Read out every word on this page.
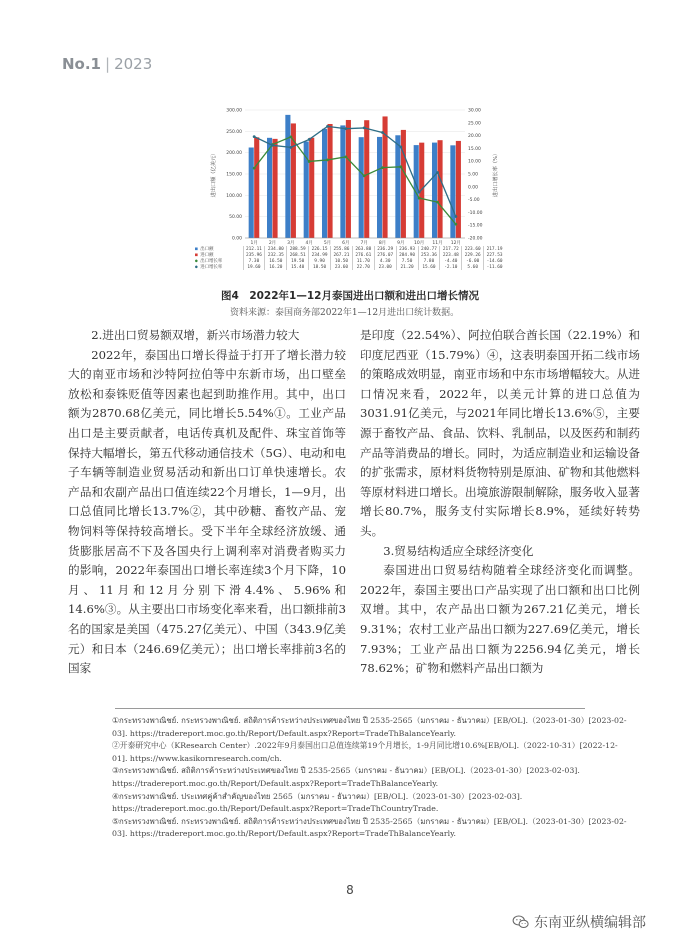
No.1 | 2023
0.00
50.00
100.00
150.00
200.00
250.00
300.00
-20.00
-15.00
-10.00
-5.00
0.00
5.00
10.00
15.00
20.00
25.00
30.00
进出口额（亿美元）	进出口增长率（%）
1月 2月 3月 4月 5月 6月 7月 8月 9月 10月 11月 12月
■ 出口额	212.11	234.80	288.59	226.15	255.86	263.88	236.29	236.93	240.77	217.72	223.60	217.19
■ 进口额	235.96	232.35	268.51	234.99	267.21	276.61	276.07	284.90	253.36	223.48	229.26	227.53
● 出口增长率	7.30	16.50	19.50	9.90	10.50	11.70	4.30	7.50	7.80	-4.40	-6.00	-14.60
● 进口增长率	19.60	16.20	15.40	18.50	23.60	22.70	23.00	21.20	15.60	-2.10	5.60	-11.60
图4　2022年1—12月泰国进出口额和进出口增长情况
资料来源：泰国商务部2022年1—12月进出口统计数据。

2.进出口贸易额双增，新兴市场潜力较大

2022年，泰国出口增长得益于打开了增长潜力较大的南亚市场和沙特阿拉伯等中东新市场，出口壁垒放松和泰铢贬值等因素也起到助推作用。其中，出口额为2870.68亿美元，同比增长5.54%①。工业产品出口是主要贡献者，电话传真机及配件、珠宝首饰等保持大幅增长，第五代移动通信技术（5G）、电动和电子车辆等制造业贸易活动和新出口订单快速增长。农产品和农副产品出口值连续22个月增长，1—9月，出口总值同比增长13.7%②，其中砂糖、畜牧产品、宠物饲料等保持较高增长。受下半年全球经济放缓、通货膨胀居高不下及各国央行上调利率对消费者购买力的影响，2022年泰国出口增长率连续3个月下降，10月、11月和12月分别下滑4.4%、5.96%和14.6%③。从主要出口市场变化率来看，出口额排前3名的国家是美国（475.27亿美元）、中国（343.9亿美元）和日本（246.69亿美元）；出口增长率排前3名的国家

是印度（22.54%）、阿拉伯联合酋长国（22.19%）和印度尼西亚（15.79%）④，这表明泰国开拓二线市场的策略成效明显，南亚市场和中东市场增幅较大。从进口情况来看，2022年，以美元计算的进口总值为3031.91亿美元，与2021年同比增长13.6%⑤，主要源于畜牧产品、食品、饮料、乳制品，以及医药和制药产品等消费品的增长。同时，为适应制造业和运输设备的扩张需求，原材料货物特别是原油、矿物和其他燃料等原材料进口增长。出境旅游限制解除，服务收入显著增长80.7%，服务支付实际增长8.9%，延续好转势头。

3.贸易结构适应全球经济变化

泰国进出口贸易结构随着全球经济变化而调整。2022年，泰国主要出口产品实现了出口额和出口比例双增。其中，农产品出口额为267.21亿美元，增长9.31%；农村工业产品出口额为227.69亿美元，增长7.93%；工业产品出口额为2256.94亿美元，增长78.62%；矿物和燃料产品出口额为

①กระทรวงพาณิชย์. กระทรวงพาณิชย์. สถิติการค้าระหว่างประเทศของไทย ปี 2535-2565（มกราคม - ธันวาคม）[EB/OL].（2023-01-30）[2023-02-03]. https://tradereport.moc.go.th/Report/Default.aspx?Report=TradeThBalanceYearly.
②开泰研究中心（KResearch Center）.2022年9月泰国出口总值连续第19个月增长，1-9月同比增10.6%[EB/OL].（2022-10-31）[2022-12-01]. https://www.kasikornresearch.com/ch.
③กระทรวงพาณิชย์. สถิติการค้าระหว่างประเทศของไทย ปี 2535-2565（มกราคม - ธันวาคม）[EB/OL].（2023-01-30）[2023-02-03]. https://tradereport.moc.go.th/Report/Default.aspx?Report=TradeThBalanceYearly.
④กระทรวงพาณิชย์. ประเทศคู่ค้าสำคัญของไทย 2565（มกราคม - ธันวาคม）[EB/OL].（2023-01-30）[2023-02-03]. https://tradereport.moc.go.th/Report/Default.aspx?Report=TradeThCountryTrade.
⑤กระทรวงพาณิชย์. กระทรวงพาณิชย์. สถิติการค้าระหว่างประเทศของไทย ปี 2535-2565（มกราคม - ธันวาคม）[EB/OL].（2023-01-30）[2023-02-03]. https://tradereport.moc.go.th/Report/Default.aspx?Report=TradeThBalanceYearly.
8
东南亚纵横编辑部
